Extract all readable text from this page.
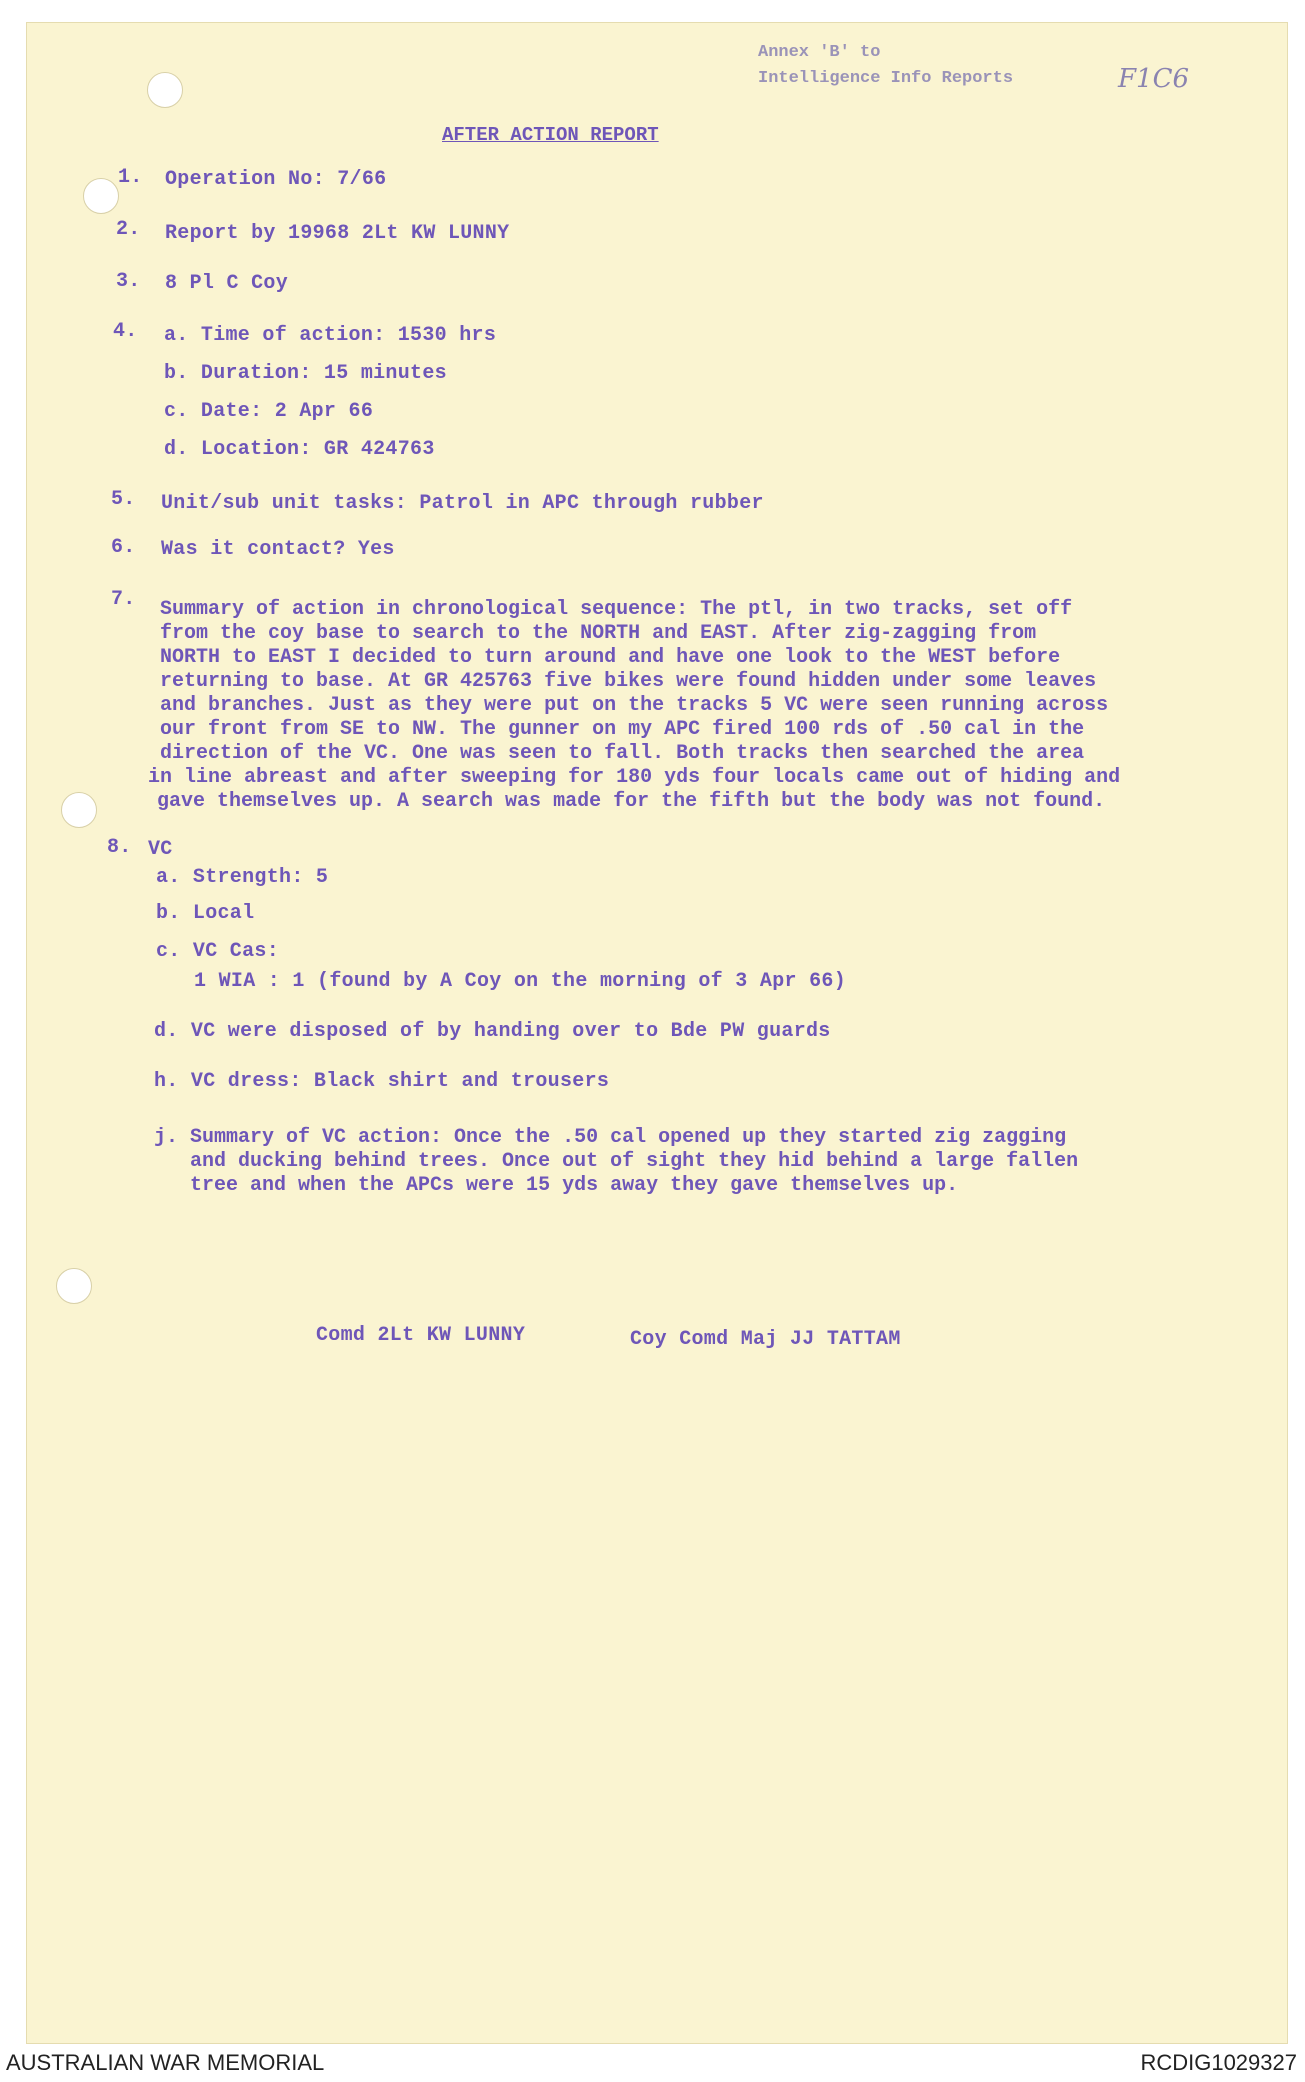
Annex 'B' to
Intelligence Info Reports	F1C6
AFTER ACTION REPORT
1. Operation No: 7/66
2. Report by 19968 2Lt KW LUNNY
3. 8 Pl C Coy
4. a. Time of action: 1530 hrs
b. Duration: 15 minutes
c. Date: 2 Apr 66
d. Location: GR 424763
5. Unit/sub unit tasks: Patrol in APC through rubber
6. Was it contact? Yes
7. Summary of action in chronological sequence: The ptl, in two tracks, set off
from the coy base to search to the NORTH and EAST. After zig-zagging from
NORTH to EAST I decided to turn around and have one look to the WEST before
returning to base. At GR 425763 five bikes were found hidden under some leaves
and branches. Just as they were put on the tracks 5 VC were seen running across
our front from SE to NW. The gunner on my APC fired 100 rds of .50 cal in the
direction of the VC. One was seen to fall. Both tracks then searched the area
in line abreast and after sweeping for 180 yds four locals came out of hiding and
gave themselves up. A search was made for the fifth but the body was not found.
8. VC
a. Strength: 5
b. Local
c. VC Cas:
1 WIA : 1 (found by A Coy on the morning of 3 Apr 66)
d. VC were disposed of by handing over to Bde PW guards
h. VC dress: Black shirt and trousers
j. Summary of VC action: Once the .50 cal opened up they started zig zagging
and ducking behind trees. Once out of sight they hid behind a large fallen
tree and when the APCs were 15 yds away they gave themselves up.
Comd 2Lt KW LUNNY	Coy Comd Maj JJ TATTAM
AUSTRALIAN WAR MEMORIAL	RCDIG1029327
